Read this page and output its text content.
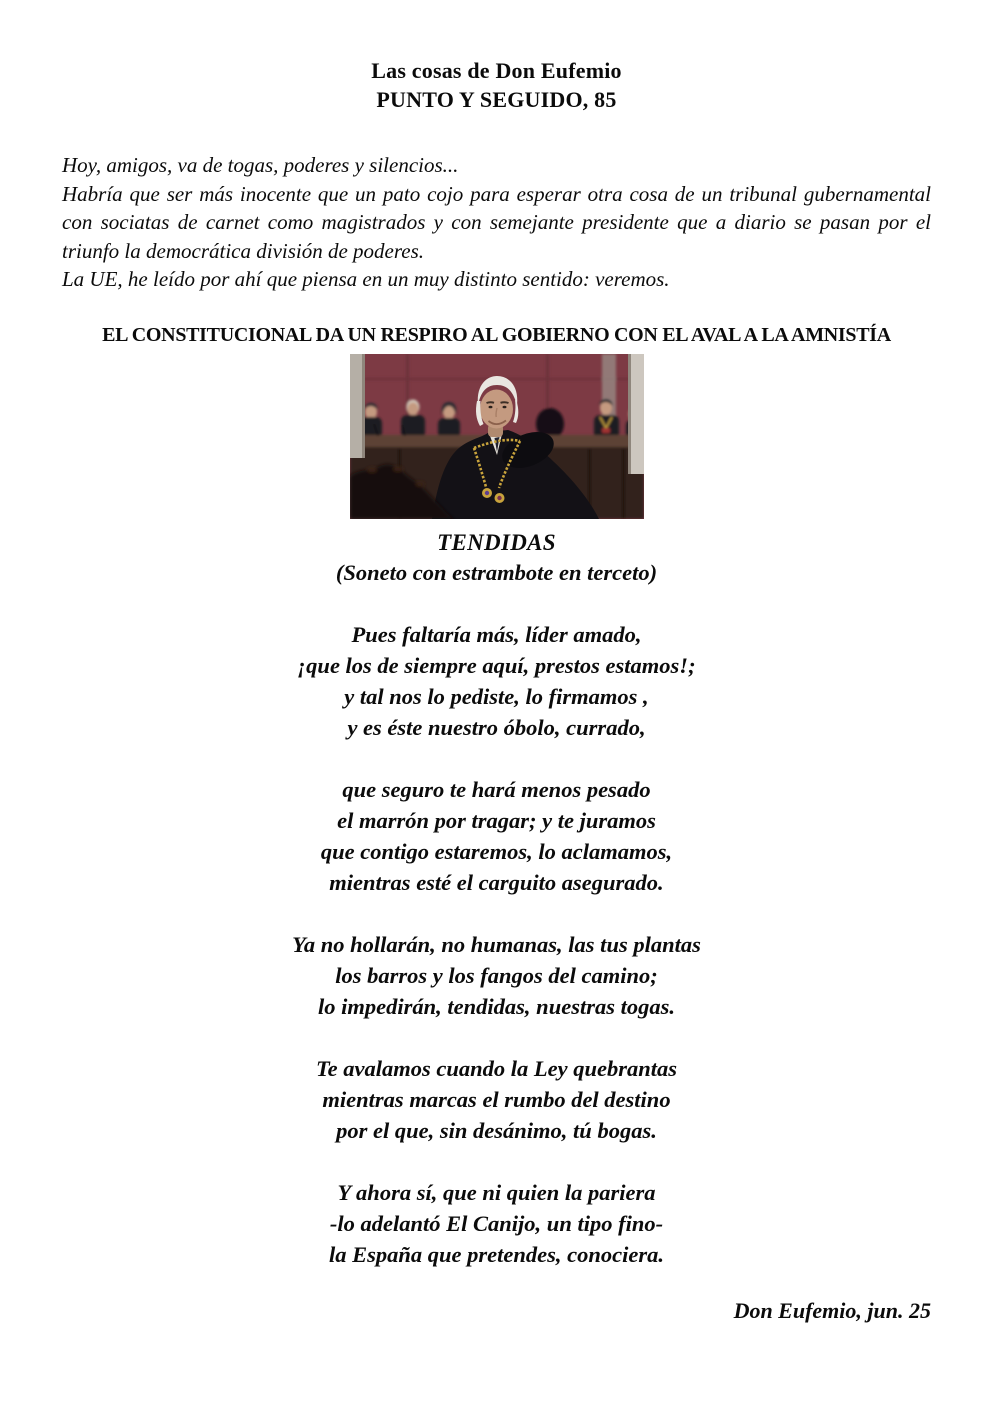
Las cosas de Don Eufemio
PUNTO Y SEGUIDO, 85

Hoy, amigos, va de togas, poderes y silencios...

Habría que ser más inocente que un pato cojo para esperar otra cosa de un tribunal gubernamental con sociatas de carnet como magistrados y con semejante presidente que a diario se pasan por el triunfo la democrática división de poderes.

La UE, he leído por ahí que piensa en un muy distinto sentido: veremos.

EL CONSTITUCIONAL DA UN RESPIRO AL GOBIERNO CON EL AVAL A LA AMNISTÍA
TENDIDAS
(Soneto con estrambote en terceto)
Pues faltaría más, líder amado,
¡que los de siempre aquí, prestos estamos!;
y tal nos lo pediste, lo firmamos ,
y es éste nuestro óbolo, currado,
que seguro te hará menos pesado
el marrón por tragar; y te juramos
que contigo estaremos, lo aclamamos,
mientras esté el carguito asegurado.
Ya no hollarán, no humanas, las tus plantas
los barros y los fangos del camino;
lo impedirán, tendidas, nuestras togas.
Te avalamos cuando la Ley quebrantas
mientras marcas el rumbo del destino
por el que, sin desánimo, tú bogas.
Y ahora sí, que ni quien la pariera
-lo adelantó El Canijo, un tipo fino-
la España que pretendes, conociera.
Don Eufemio, jun. 25
